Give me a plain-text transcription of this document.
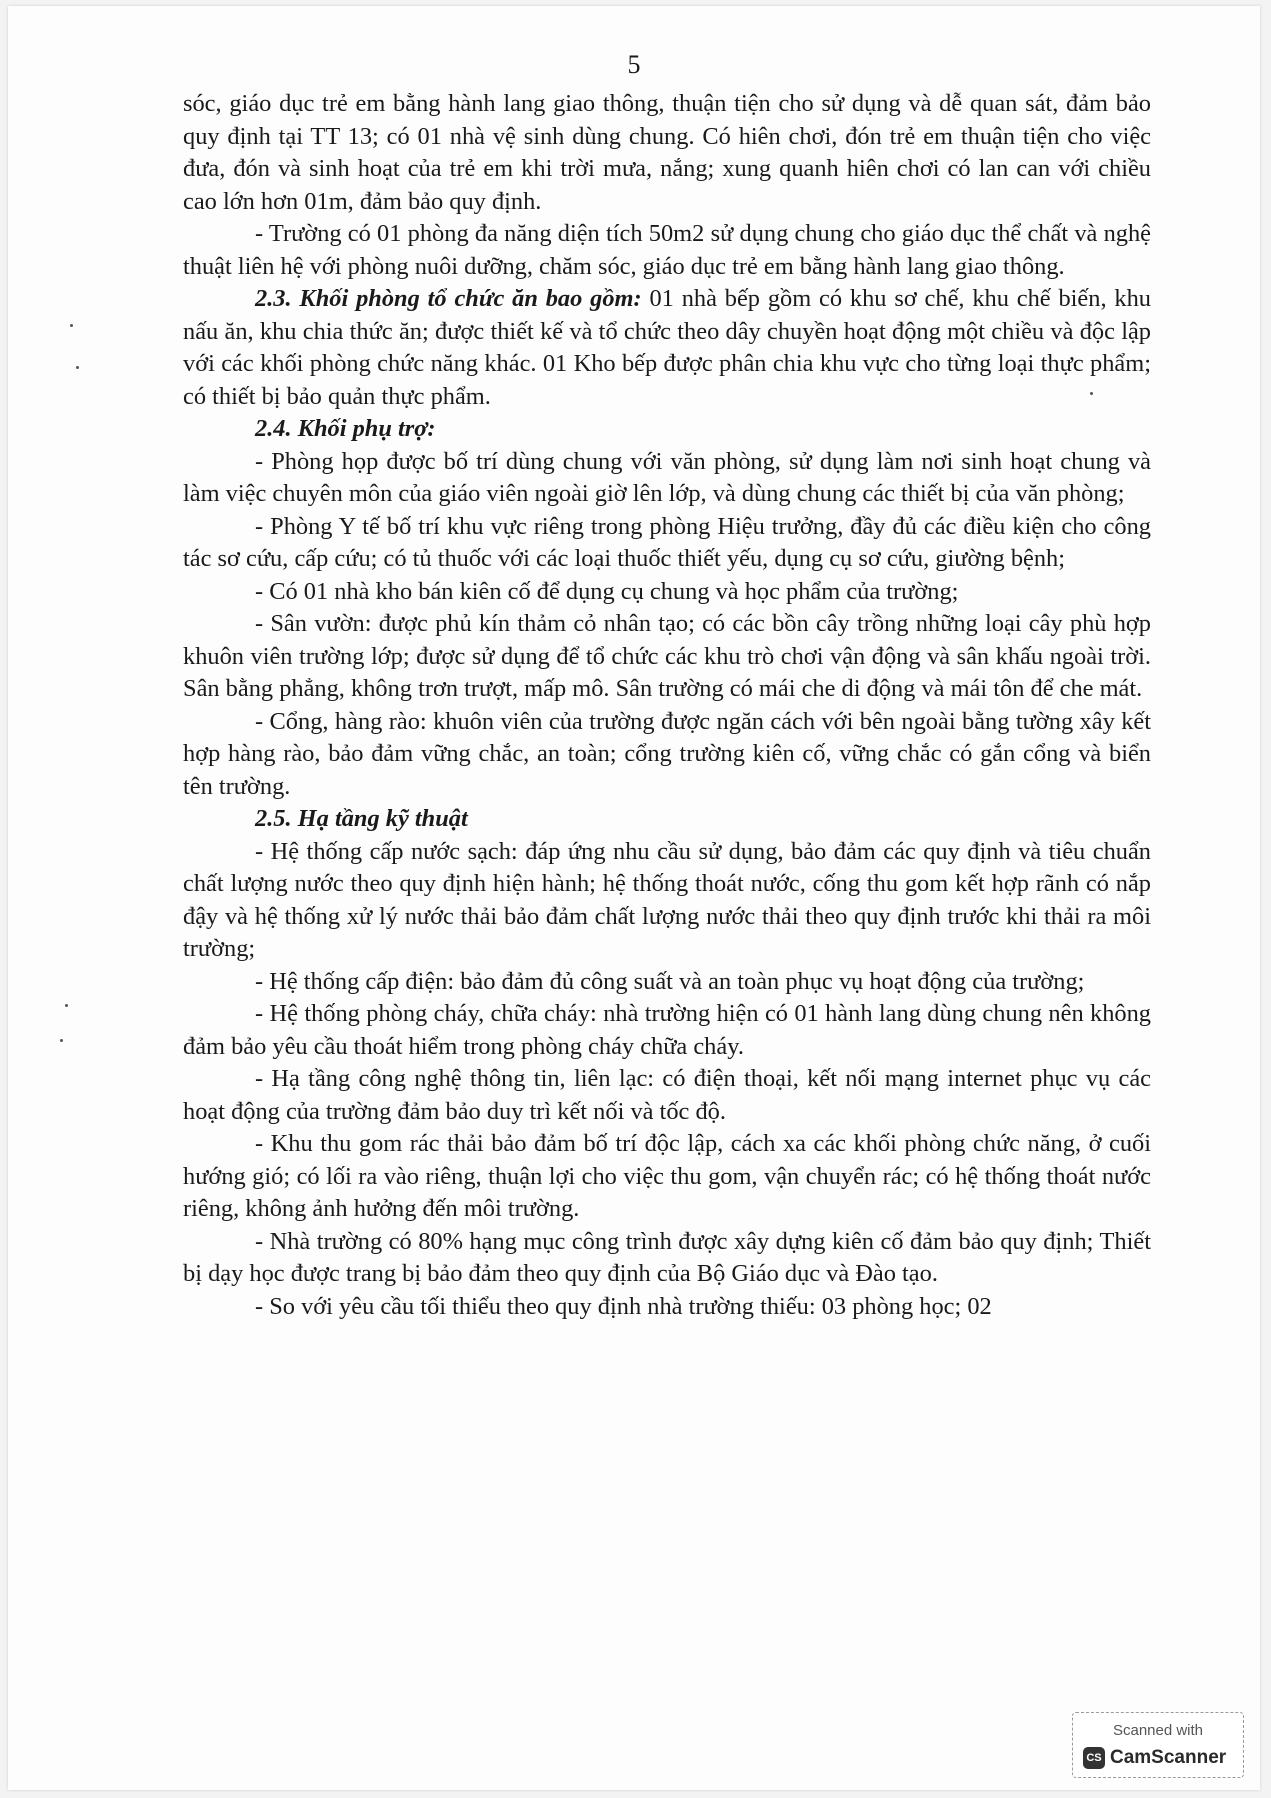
5

sóc, giáo dục trẻ em bằng hành lang giao thông, thuận tiện cho sử dụng và dễ quan sát, đảm bảo quy định tại TT 13; có 01 nhà vệ sinh dùng chung. Có hiên chơi, đón trẻ em thuận tiện cho việc đưa, đón và sinh hoạt của trẻ em khi trời mưa, nắng; xung quanh hiên chơi có lan can với chiều cao lớn hơn 01m, đảm bảo quy định.

- Trường có 01 phòng đa năng diện tích 50m2 sử dụng chung cho giáo dục thể chất và nghệ thuật liên hệ với phòng nuôi dưỡng, chăm sóc, giáo dục trẻ em bằng hành lang giao thông.

2.3. Khối phòng tổ chức ăn bao gồm: 01 nhà bếp gồm có khu sơ chế, khu chế biến, khu nấu ăn, khu chia thức ăn; được thiết kế và tổ chức theo dây chuyền hoạt động một chiều và độc lập với các khối phòng chức năng khác. 01 Kho bếp được phân chia khu vực cho từng loại thực phẩm; có thiết bị bảo quản thực phẩm.

2.4. Khối phụ trợ:

- Phòng họp được bố trí dùng chung với văn phòng, sử dụng làm nơi sinh hoạt chung và làm việc chuyên môn của giáo viên ngoài giờ lên lớp, và dùng chung các thiết bị của văn phòng;

- Phòng Y tế bố trí khu vực riêng trong phòng Hiệu trưởng, đầy đủ các điều kiện cho công tác sơ cứu, cấp cứu; có tủ thuốc với các loại thuốc thiết yếu, dụng cụ sơ cứu, giường bệnh;

- Có 01 nhà kho bán kiên cố để dụng cụ chung và học phẩm của trường;

- Sân vườn: được phủ kín thảm cỏ nhân tạo; có các bồn cây trồng những loại cây phù hợp khuôn viên trường lớp; được sử dụng để tổ chức các khu trò chơi vận động và sân khấu ngoài trời. Sân bằng phẳng, không trơn trượt, mấp mô. Sân trường có mái che di động và mái tôn để che mát.

- Cổng, hàng rào: khuôn viên của trường được ngăn cách với bên ngoài bằng tường xây kết hợp hàng rào, bảo đảm vững chắc, an toàn; cổng trường kiên cố, vững chắc có gắn cổng và biển tên trường.

2.5. Hạ tầng kỹ thuật

- Hệ thống cấp nước sạch: đáp ứng nhu cầu sử dụng, bảo đảm các quy định và tiêu chuẩn chất lượng nước theo quy định hiện hành; hệ thống thoát nước, cống thu gom kết hợp rãnh có nắp đậy và hệ thống xử lý nước thải bảo đảm chất lượng nước thải theo quy định trước khi thải ra môi trường;

- Hệ thống cấp điện: bảo đảm đủ công suất và an toàn phục vụ hoạt động của trường;

- Hệ thống phòng cháy, chữa cháy: nhà trường hiện có 01 hành lang dùng chung nên không đảm bảo yêu cầu thoát hiểm trong phòng cháy chữa cháy.

- Hạ tầng công nghệ thông tin, liên lạc: có điện thoại, kết nối mạng internet phục vụ các hoạt động của trường đảm bảo duy trì kết nối và tốc độ.

- Khu thu gom rác thải bảo đảm bố trí độc lập, cách xa các khối phòng chức năng, ở cuối hướng gió; có lối ra vào riêng, thuận lợi cho việc thu gom, vận chuyển rác; có hệ thống thoát nước riêng, không ảnh hưởng đến môi trường.

- Nhà trường có 80% hạng mục công trình được xây dựng kiên cố đảm bảo quy định; Thiết bị dạy học được trang bị bảo đảm theo quy định của Bộ Giáo dục và Đào tạo.

- So với yêu cầu tối thiểu theo quy định nhà trường thiếu: 03 phòng học; 02

Scanned with
CS CamScanner
